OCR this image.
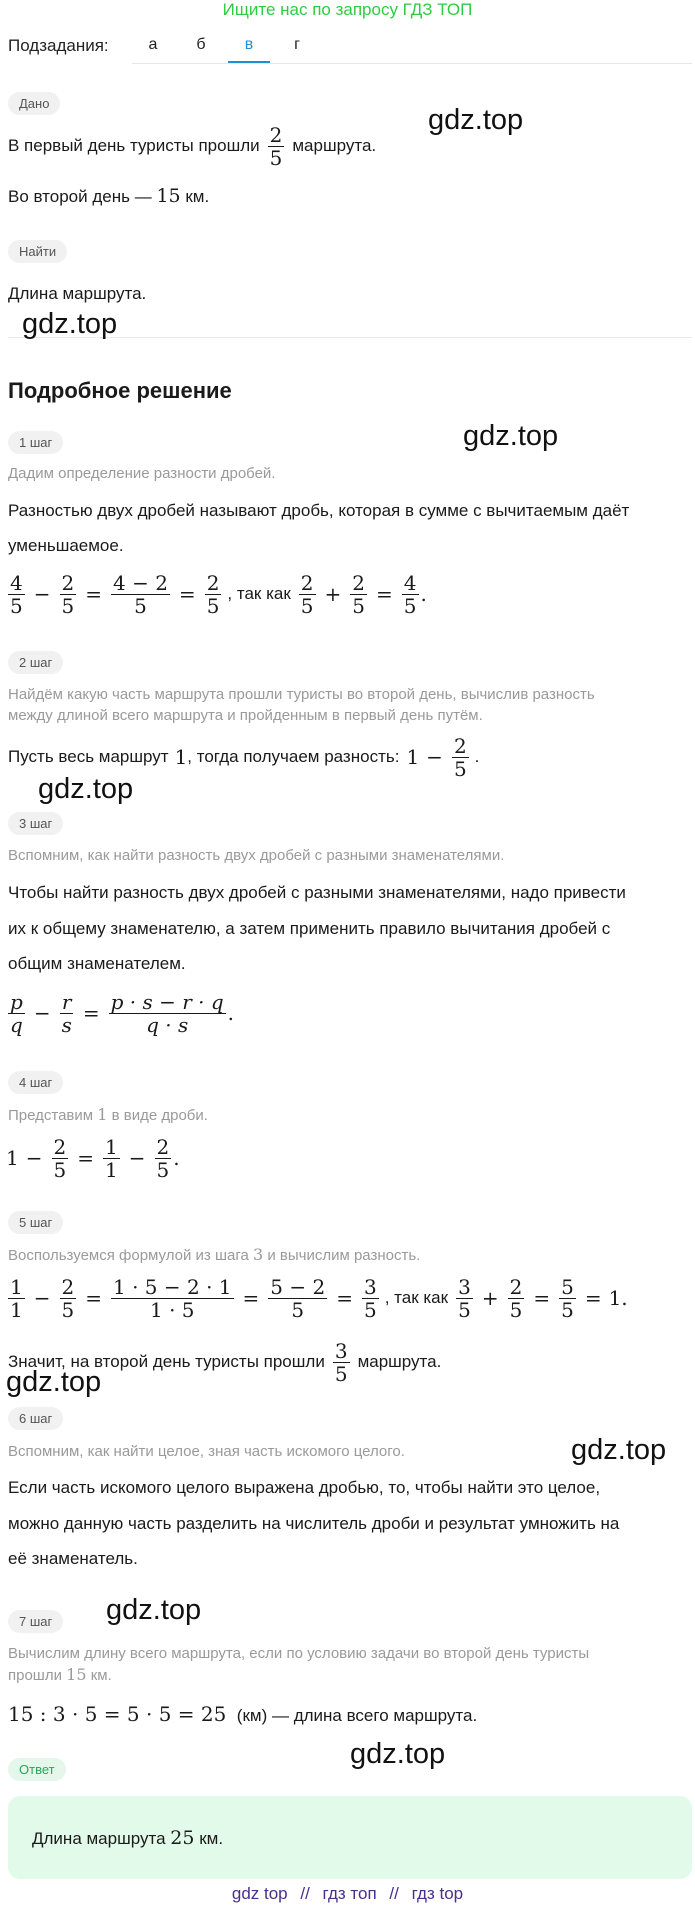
Ищите нас по запросу ГДЗ ТОП
Подзадания:	а	б	в	г
Дано
В первый день туристы прошли $\frac{2}{5}$ маршрута.
Во второй день — 15 км.
Найти
Длина маршрута.
Подробное решение
1 шаг
Дадим определение разности дробей.
Разностью двух дробей называют дробь, которая в сумме с вычитаемым даёт
уменьшаемое.
4
$5 - \frac{2}{5} = \frac{4 - 2}{5} = \frac{2}{5}$ , так как 2
$5 + \frac{2}{5} = \frac{4}{5}$ .
2 шаг
Найдём какую часть маршрута прошли туристы во второй день, вычислив разность
между длиной всего маршрута и пройденным в первый день путём.
Пусть весь маршрут 1 , тогда получаем разность: $1 - \frac{2}{5}$ .
3 шаг
Вспомним, как найти разность двух дробей с разными знаменателями.
Чтобы найти разность двух дробей с разными знаменателями, надо привести
их к общему знаменателю, а затем применить правило вычитания дробей с
общим знаменателем.
p
$q - \frac{r}{s} = \frac{p \cdot s - r \cdot q}{q \cdot s}$ .
4 шаг
Представим 1 в виде дроби.
$1 - \frac{2}{5} = \frac{1}{1} - \frac{2}{5}$ .
5 шаг
Воспользуемся формулой из шага 3 и вычислим разность.
1
$1 - \frac{2}{5} = \frac{1 \cdot 5 - 2 \cdot 1}{1 \cdot 5} = \frac{5 - 2}{5} = \frac{3}{5}$ , так как 3
$5 + \frac{2}{5} = \frac{5}{5} = 1$.
Значит, на второй день туристы прошли 3
5 маршрута.
6 шаг
Вспомним, как найти целое, зная часть искомого целого.
Если часть искомого целого выражена дробью, то, чтобы найти это целое,
можно данную часть разделить на числитель дроби и результат умножить на
её знаменатель.
7 шаг
Вычислим длину всего маршрута, если по условию задачи во второй день туристы
прошли 15 км.
15 : 3 · 5 = 5 · 5 = 25 (км) — длина всего маршрута.
Ответ
Длина маршрута 25 км.
gdz.top
gdz.top
gdz.top
gdz.top
gdz.top
gdz.top
gdz.top
gdz.top
gdz top // гдз топ // гдз top
